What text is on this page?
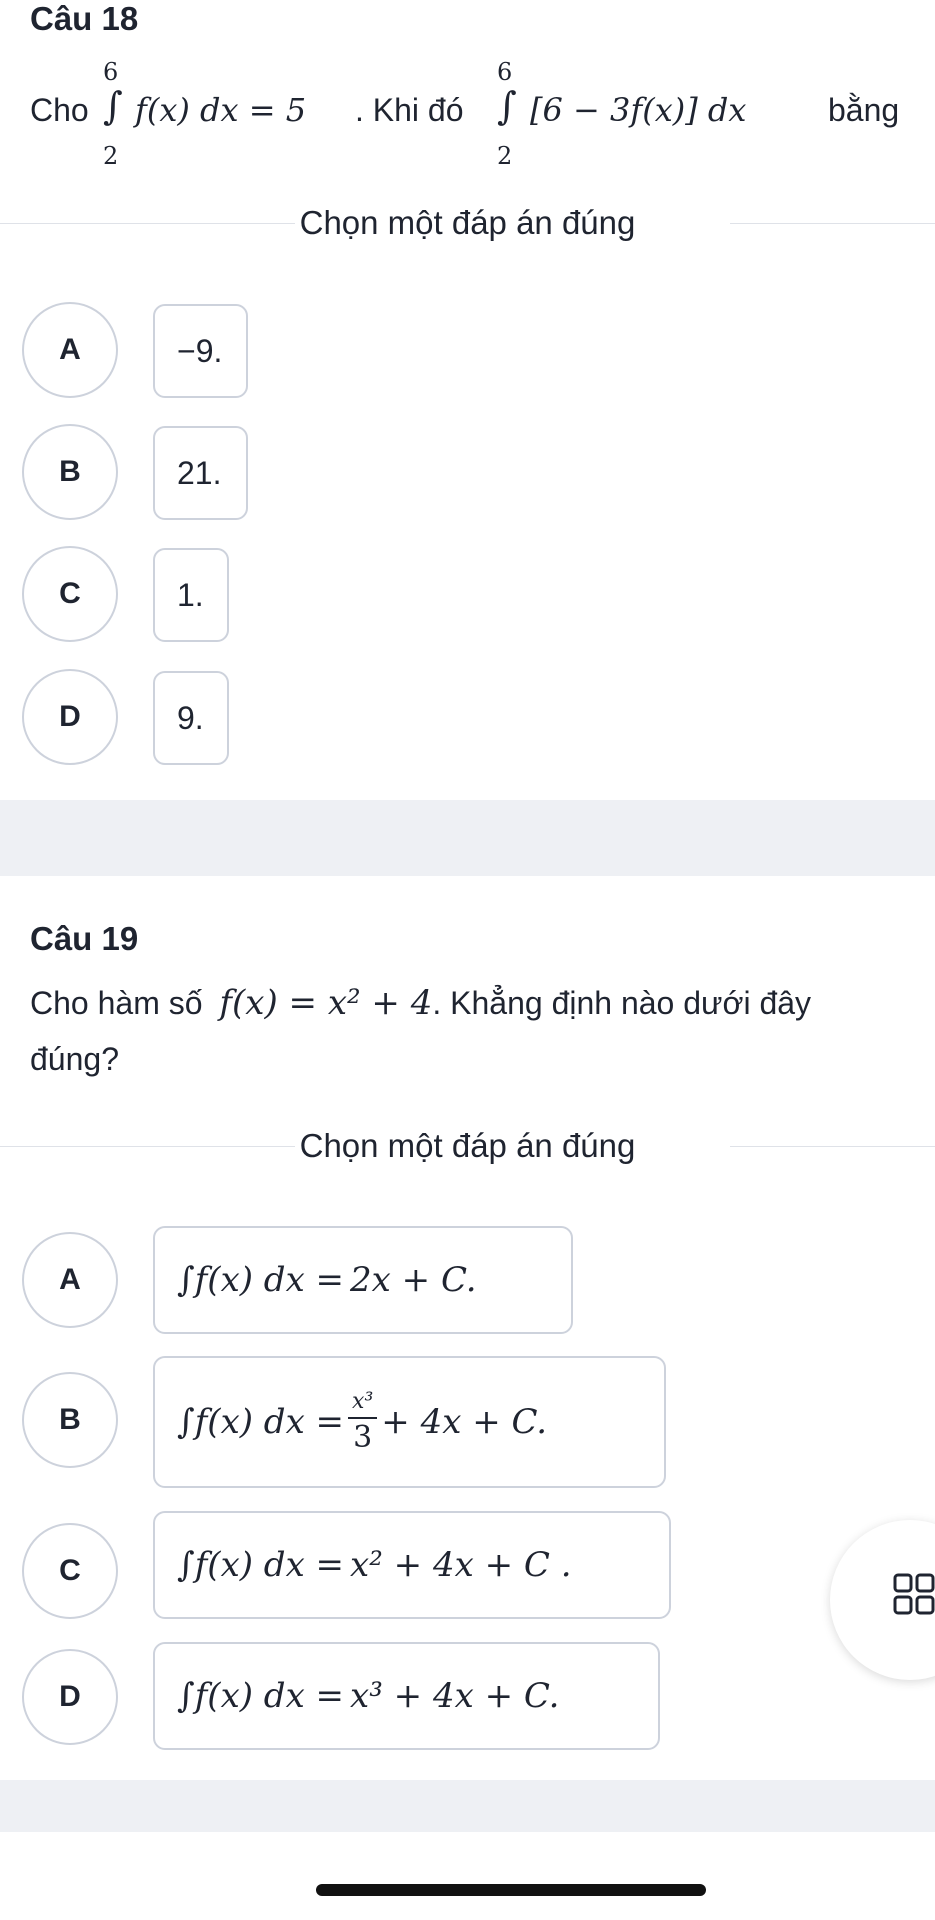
Câu 18
Cho
6
∫
2
f(x) dx = 5 . Khi đó
6
∫
2
[6 − 3f(x)] dx	bằng
Chọn một đáp án đúng
A	−9.
B	21.
C	1.
D	9.
Câu 19
Cho hàm số f(x) = x² + 4. Khẳng định nào dưới đây
đúng?
Chọn một đáp án đúng
A	∫f(x) dx = 2x + C.
B	∫f(x) dx = $\frac{\text{x³}}{3} + 4x + C$.
C	∫f(x) dx = x² + 4x + C .
D	∫f(x) dx = x³ + 4x + C.
